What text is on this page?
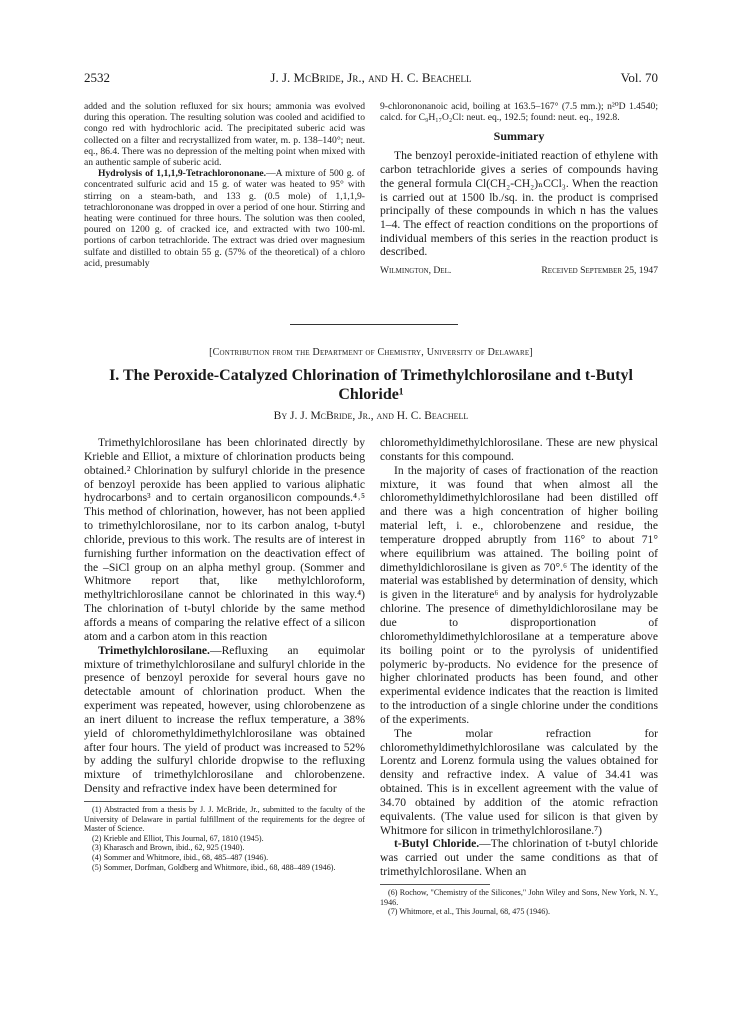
2532	J. J. McBride, Jr., and H. C. Beachell	Vol. 70

added and the solution refluxed for six hours; ammonia was evolved during this operation. The resulting solution was cooled and acidified to congo red with hydrochloric acid. The precipitated suberic acid was collected on a filter and recrystallized from water, m. p. 138–140°; neut. eq., 86.4. There was no depression of the melting point when mixed with an authentic sample of suberic acid.

Hydrolysis of 1,1,1,9-Tetrachlorononane.—A mixture of 500 g. of concentrated sulfuric acid and 15 g. of water was heated to 95° with stirring on a steam-bath, and 133 g. (0.5 mole) of 1,1,1,9-tetrachlorononane was dropped in over a period of one hour. Stirring and heating were continued for three hours. The solution was then cooled, poured on 1200 g. of cracked ice, and extracted with two 100-ml. portions of carbon tetrachloride. The extract was dried over magnesium sulfate and distilled to obtain 55 g. (57% of the theoretical) of a chloro acid, presumably

9-chlorononanoic acid, boiling at 163.5–167° (7.5 mm.); n²⁰D 1.4540; calcd. for C₉H₁₇O₂Cl: neut. eq., 192.5; found: neut. eq., 192.8.

Summary

The benzoyl peroxide-initiated reaction of ethylene with carbon tetrachloride gives a series of compounds having the general formula Cl(CH₂-CH₂)ₙCCl₃. When the reaction is carried out at 1500 lb./sq. in. the product is comprised principally of these compounds in which n has the values 1–4. The effect of reaction conditions on the proportions of individual members of this series in the reaction product is described.

Wilmington, Del.	Received September 25, 1947
[Contribution from the Department of Chemistry, University of Delaware]
I. The Peroxide-Catalyzed Chlorination of Trimethylchlorosilane and t-Butyl Chloride¹
By J. J. McBride, Jr., and H. C. Beachell

Trimethylchlorosilane has been chlorinated directly by Krieble and Elliot, a mixture of chlorination products being obtained.² Chlorination by sulfuryl chloride in the presence of benzoyl peroxide has been applied to various aliphatic hydrocarbons³ and to certain organosilicon compounds.⁴˒⁵ This method of chlorination, however, has not been applied to trimethylchlorosilane, nor to its carbon analog, t-butyl chloride, previous to this work. The results are of interest in furnishing further information on the deactivation effect of the –SiCl group on an alpha methyl group. (Sommer and Whitmore report that, like methylchloroform, methyltrichlorosilane cannot be chlorinated in this way.⁴) The chlorination of t-butyl chloride by the same method affords a means of comparing the relative effect of a silicon atom and a carbon atom in this reaction

Trimethylchlorosilane.—Refluxing an equimolar mixture of trimethylchlorosilane and sulfuryl chloride in the presence of benzoyl peroxide for several hours gave no detectable amount of chlorination product. When the experiment was repeated, however, using chlorobenzene as an inert diluent to increase the reflux temperature, a 38% yield of chloromethyldimethylchlorosilane was obtained after four hours. The yield of product was increased to 52% by adding the sulfuryl chloride dropwise to the refluxing mixture of trimethylchlorosilane and chlorobenzene. Density and refractive index have been determined for

(1) Abstracted from a thesis by J. J. McBride, Jr., submitted to the faculty of the University of Delaware in partial fulfillment of the requirements for the degree of Master of Science.

(2) Krieble and Elliot, This Journal, 67, 1810 (1945).

(3) Kharasch and Brown, ibid., 62, 925 (1940).

(4) Sommer and Whitmore, ibid., 68, 485–487 (1946).

(5) Sommer, Dorfman, Goldberg and Whitmore, ibid., 68, 488–489 (1946).

chloromethyldimethylchlorosilane. These are new physical constants for this compound.

In the majority of cases of fractionation of the reaction mixture, it was found that when almost all the chloromethyldimethylchlorosilane had been distilled off and there was a high concentration of higher boiling material left, i. e., chlorobenzene and residue, the temperature dropped abruptly from 116° to about 71° where equilibrium was attained. The boiling point of dimethyldichlorosilane is given as 70°.⁶ The identity of the material was established by determination of density, which is given in the literature⁶ and by analysis for hydrolyzable chlorine. The presence of dimethyldichlorosilane may be due to disproportionation of chloromethyldimethylchlorosilane at a temperature above its boiling point or to the pyrolysis of unidentified polymeric by-products. No evidence for the presence of higher chlorinated products has been found, and other experimental evidence indicates that the reaction is limited to the introduction of a single chlorine under the conditions of the experiments.

The molar refraction for chloromethyldimethylchlorosilane was calculated by the Lorentz and Lorenz formula using the values obtained for density and refractive index. A value of 34.41 was obtained. This is in excellent agreement with the value of 34.70 obtained by addition of the atomic refraction equivalents. (The value used for silicon is that given by Whitmore for silicon in trimethylchlorosilane.⁷)

t-Butyl Chloride.—The chlorination of t-butyl chloride was carried out under the same conditions as that of trimethylchlorosilane. When an

(6) Rochow, "Chemistry of the Silicones," John Wiley and Sons, New York, N. Y., 1946.

(7) Whitmore, et al., This Journal, 68, 475 (1946).
